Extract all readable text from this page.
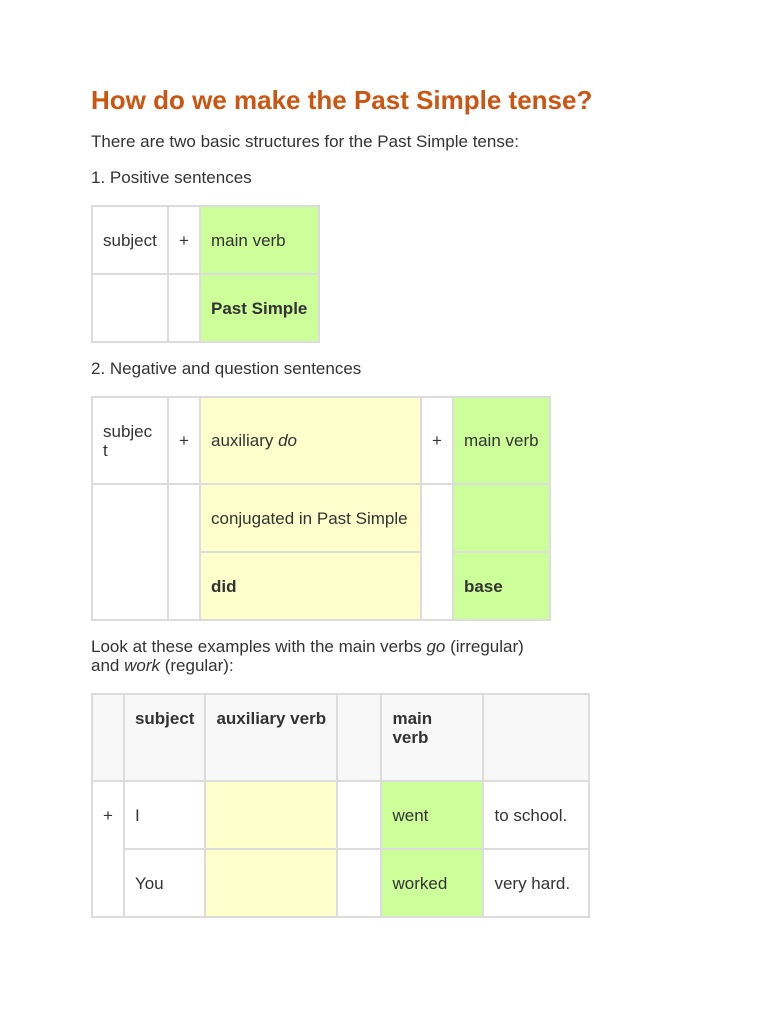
How do we make the Past Simple tense?

There are two basic structures for the Past Simple tense:

1. Positive sentences

subject	+	main verb
		Past Simple

2. Negative and question sentences

subjec t	+	auxiliary do	+	main verb
		conjugated in Past Simple		
		did		base

Look at these examples with the main verbs go (irregular)

and work (regular):

	subject	auxiliary verb		main verb	
+	I			went	to school.
	You			worked	very hard.
